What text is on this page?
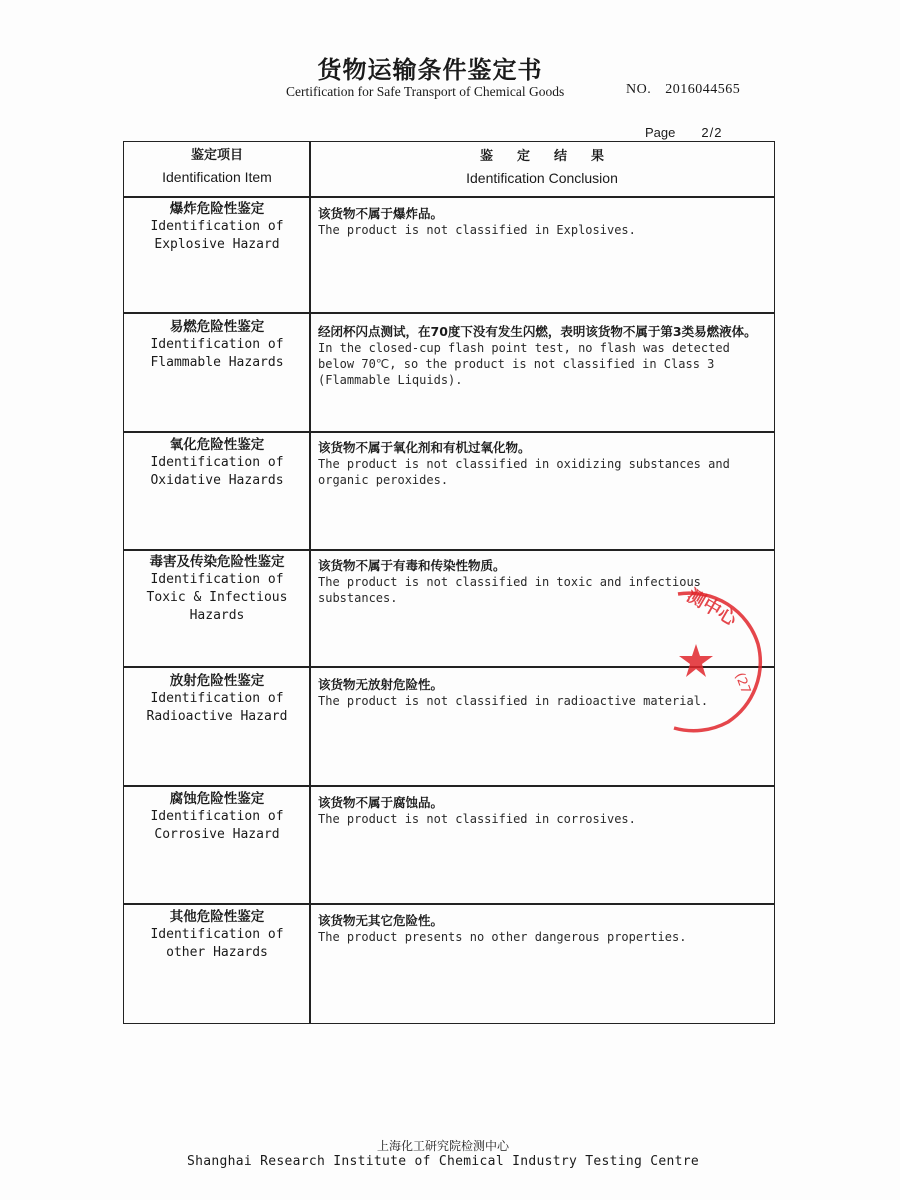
货物运输条件鉴定书
Certification for Safe Transport of Chemical Goods	NO. 2016044565
Page 2/2
鉴定项目
Identification Item
鉴定结果
Identification Conclusion
爆炸危险性鉴定
Identification of
Explosive Hazard
该货物不属于爆炸品。
The product is not classified in Explosives.
易燃危险性鉴定
Identification of
Flammable Hazards
经闭杯闪点测试，在70度下没有发生闪燃，表明该货物不属于第3类易燃液体。
In the closed-cup flash point test, no flash was detected below 70℃, so the product is not classified in Class 3 (Flammable Liquids).
氧化危险性鉴定
Identification of
Oxidative Hazards
该货物不属于氧化剂和有机过氧化物。
The product is not classified in oxidizing substances and organic peroxides.
毒害及传染危险性鉴定
Identification of
Toxic & Infectious
Hazards
该货物不属于有毒和传染性物质。
The product is not classified in toxic and infectious substances.
放射危险性鉴定
Identification of
Radioactive Hazard
该货物无放射危险性。
The product is not classified in radioactive material.
腐蚀危险性鉴定
Identification of
Corrosive Hazard
该货物不属于腐蚀品。
The product is not classified in corrosives.
其他危险性鉴定
Identification of
other Hazards
该货物无其它危险性。
The product presents no other dangerous properties.
测中心
(27
上海化工研究院检测中心
Shanghai Research Institute of Chemical Industry Testing Centre
